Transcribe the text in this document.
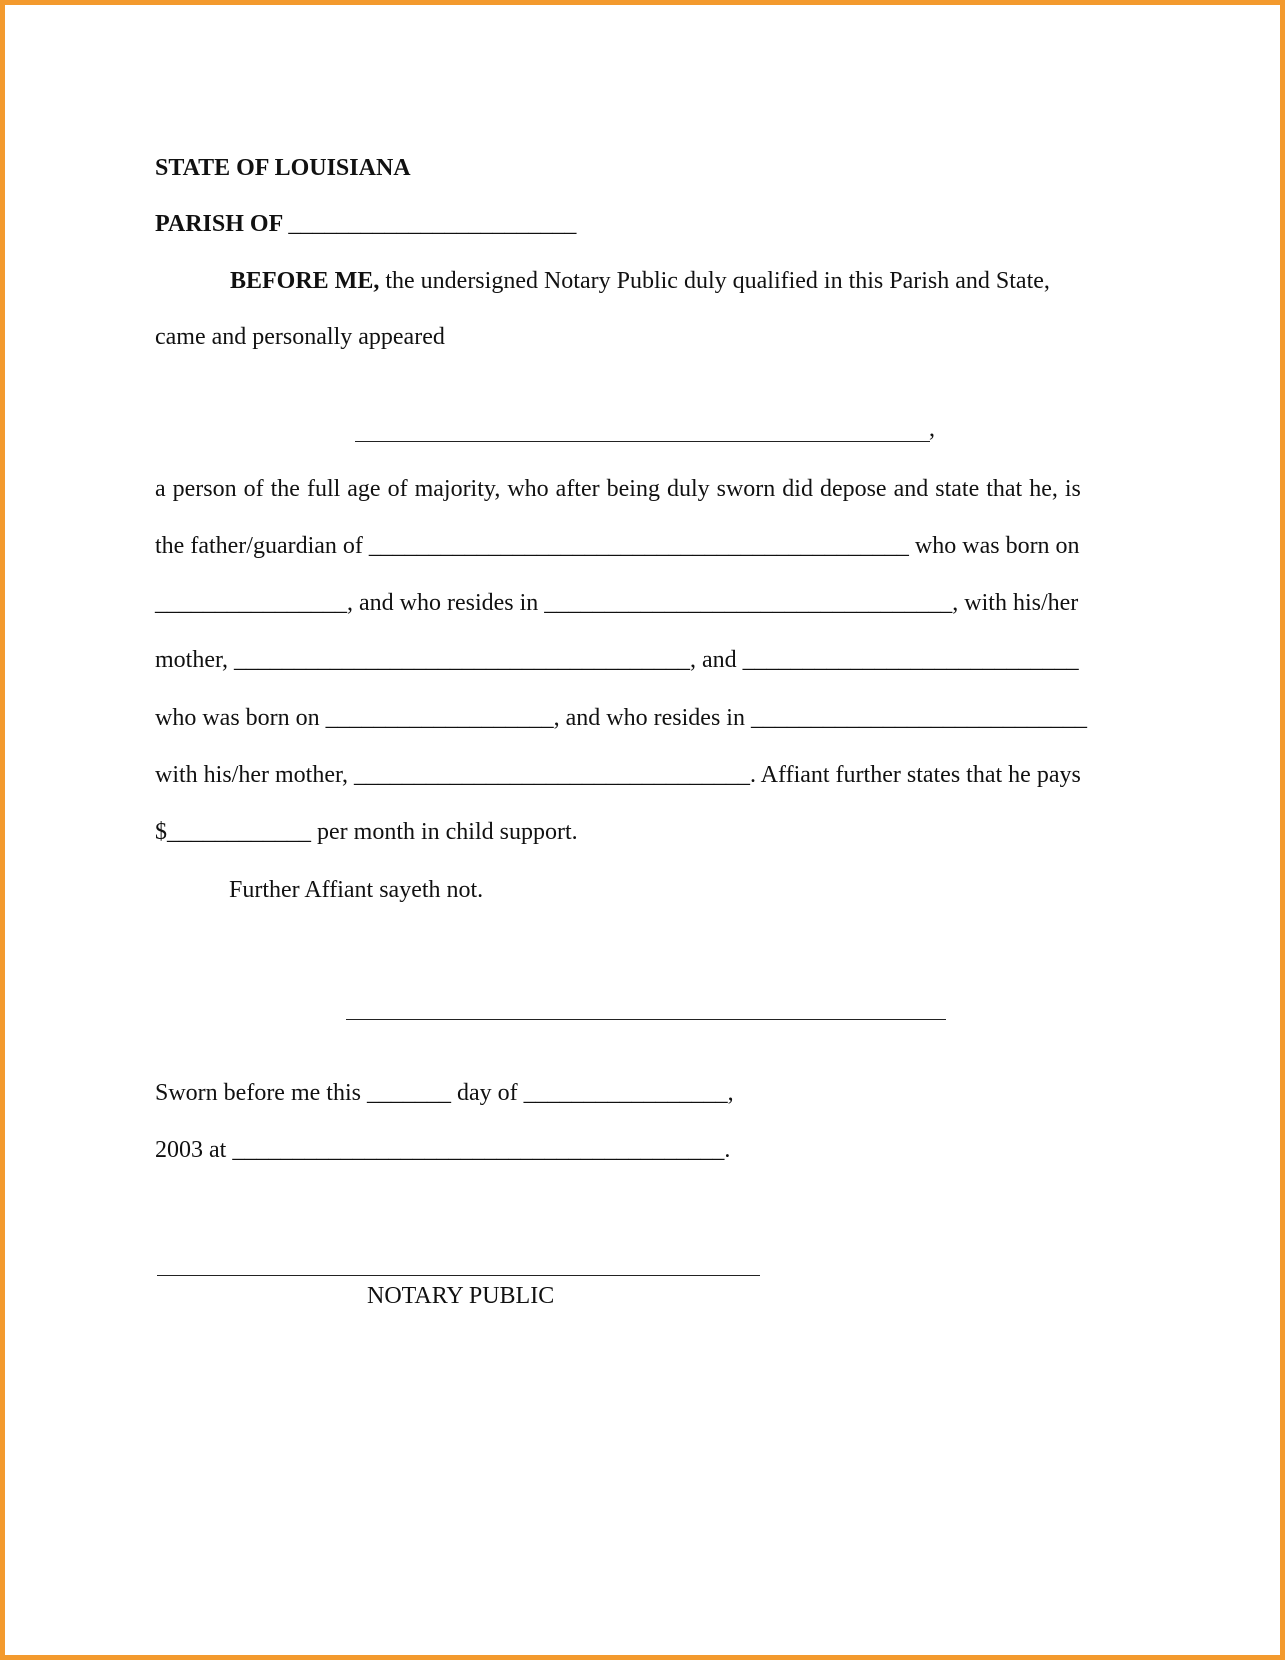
STATE OF LOUISIANA
PARISH OF ________________________
BEFORE ME, the undersigned Notary Public duly qualified in this Parish and State,
came and personally appeared
,
a person of the full age of majority, who after being duly sworn did depose and state that he, is
the father/guardian of _____________________________________________ who was born on
________________, and who resides in __________________________________, with his/her
mother, ______________________________________, and ____________________________
who was born on ___________________, and who resides in ____________________________
with his/her mother, _________________________________. Affiant further states that he pays
$____________ per month in child support.
Further Affiant sayeth not.
Sworn before me this _______ day of _________________,
2003 at _________________________________________.
NOTARY PUBLIC
